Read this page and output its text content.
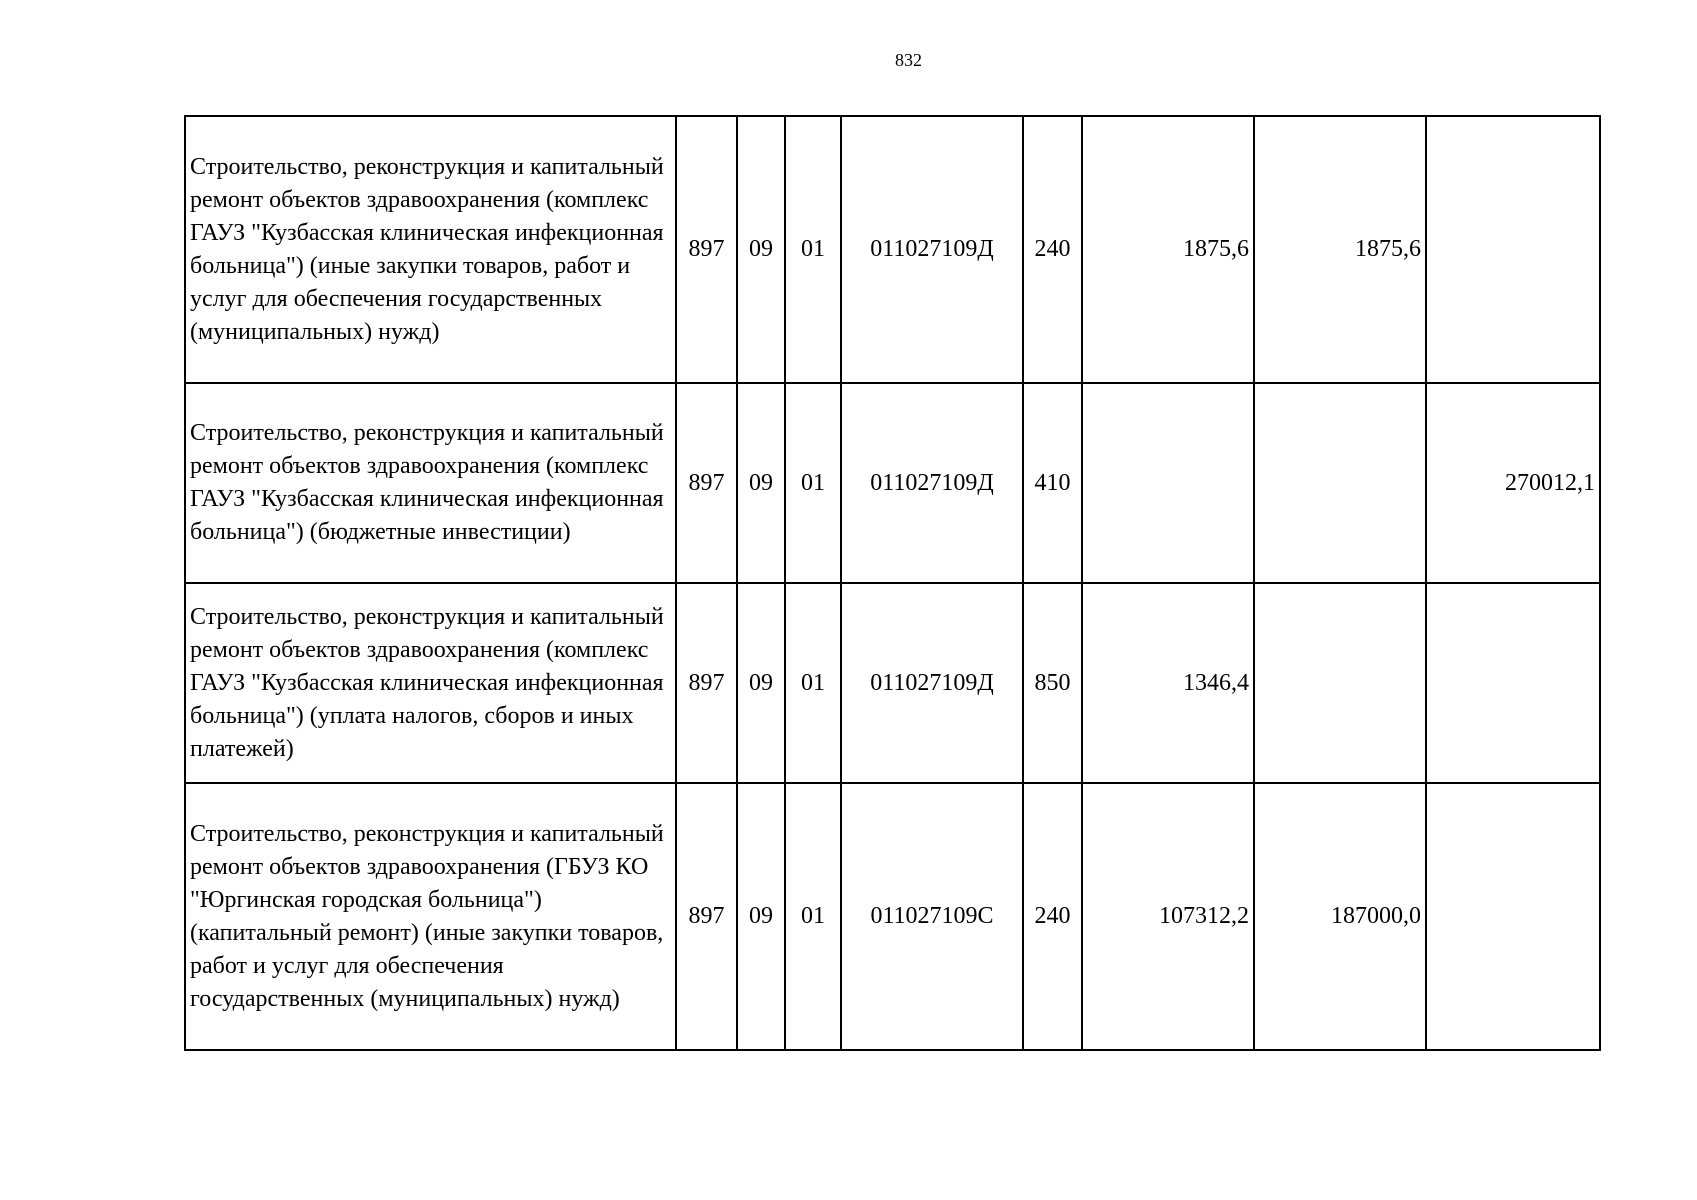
832
Строительство, реконструкция и капитальный ремонт объектов здравоохранения (комплекс ГАУЗ "Кузбасская клиническая инфекционная больница") (иные закупки товаров, работ и услуг для обеспечения государственных (муниципальных) нужд)	897	09	01	011027109Д	240	1875,6	1875,6	
Строительство, реконструкция и капитальный ремонт объектов здравоохранения (комплекс ГАУЗ "Кузбасская клиническая инфекционная больница") (бюджетные инвестиции)	897	09	01	011027109Д	410			270012,1
Строительство, реконструкция и капитальный ремонт объектов здравоохранения (комплекс ГАУЗ "Кузбасская клиническая инфекционная больница") (уплата налогов, сборов и иных платежей)	897	09	01	011027109Д	850	1346,4		
Строительство, реконструкция и капитальный ремонт объектов здравоохранения (ГБУЗ КО "Юргинская городская больница") (капитальный ремонт) (иные закупки товаров, работ и услуг для обеспечения государственных (муниципальных) нужд)	897	09	01	011027109С	240	107312,2	187000,0	
